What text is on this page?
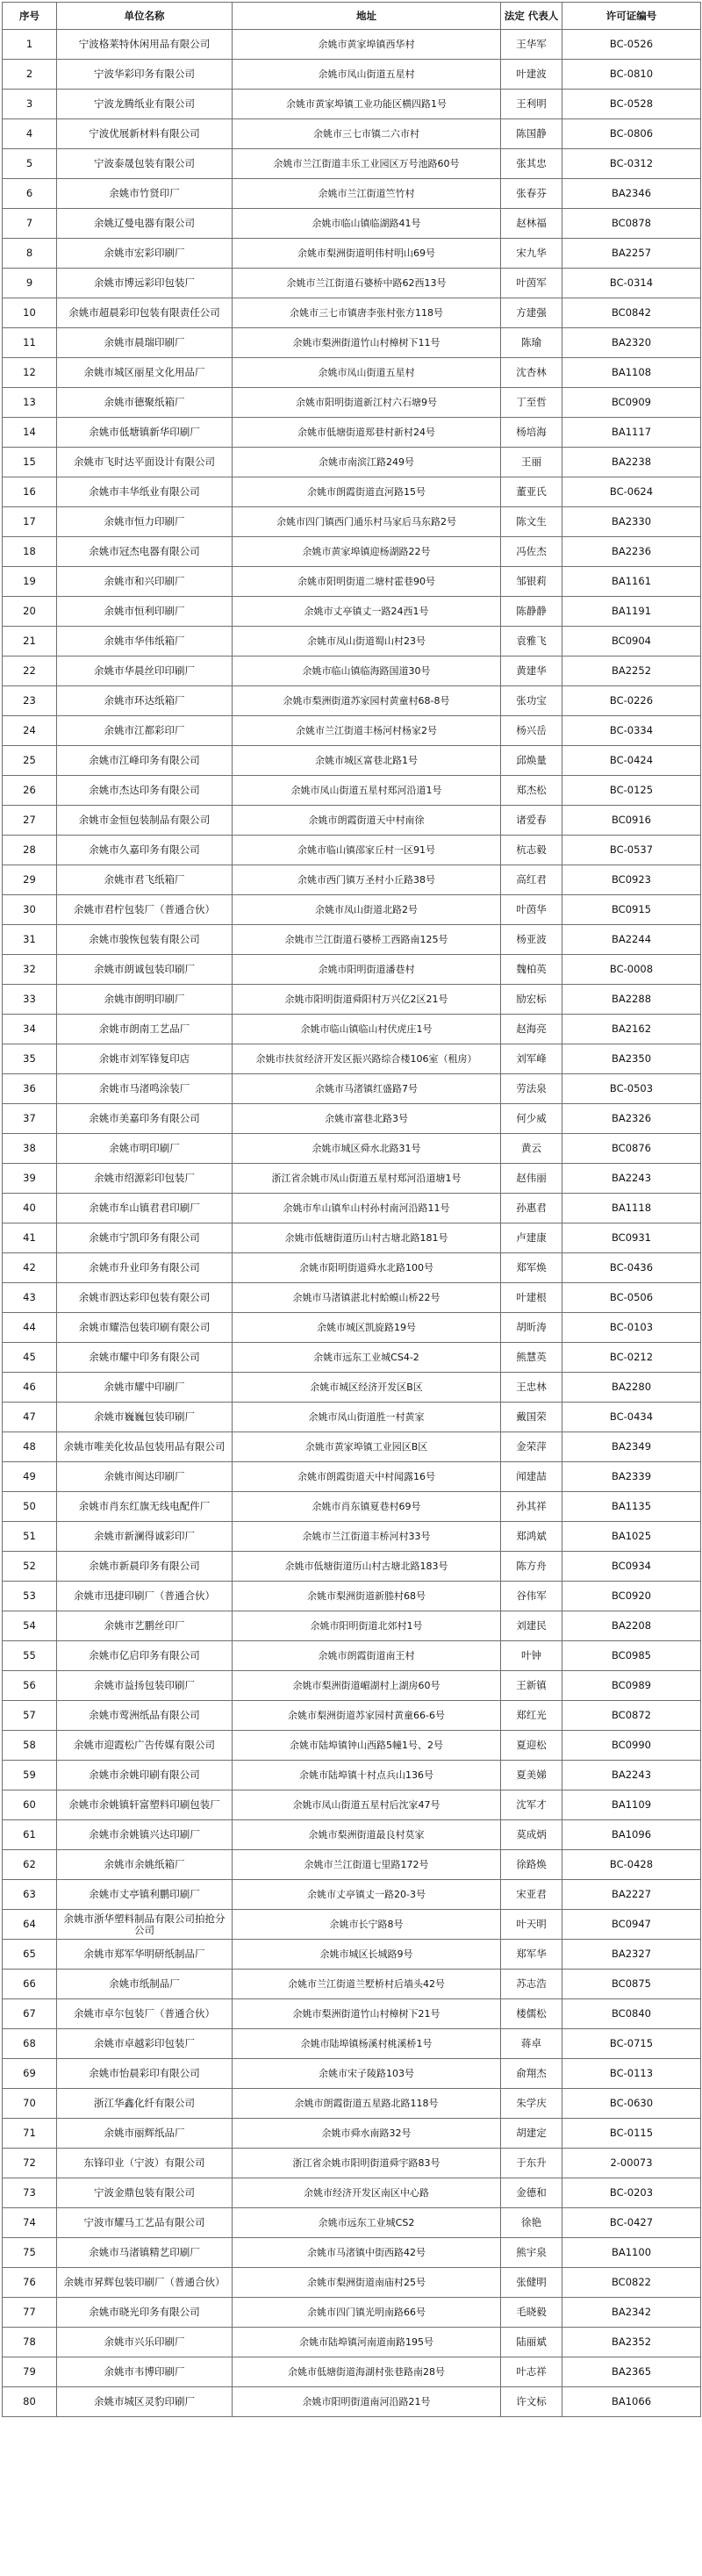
序号	单位名称	地址	法定 代表人	许可证编号
1	宁波格莱特休闲用品有限公司	余姚市黄家埠镇西华村	王华军	BC-0526
2	宁波华彩印务有限公司	余姚市凤山街道五星村	叶建波	BC-0810
3	宁波龙腾纸业有限公司	余姚市黄家埠镇工业功能区横四路1号	王利明	BC-0528
4	宁波优展新材料有限公司	余姚市三七市镇二六市村	陈国静	BC-0806
5	宁波泰晟包装有限公司	余姚市兰江街道丰乐工业园区万号池路60号	张其忠	BC-0312
6	余姚市竹贤印厂	余姚市兰江街道竺竹村	张春芬	BA2346
7	余姚辽曼电器有限公司	余姚市临山镇临湖路41号	赵林福	BC0878
8	余姚市宏彩印刷厂	余姚市梨洲街道明伟村明山69号	宋九华	BA2257
9	余姚市博远彩印包装厂	余姚市兰江街道石婆桥中路62西13号	叶茵军	BC-0314
10	余姚市超晨彩印包装有限责任公司	余姚市三七市镇唐李张村张方118号	方建强	BC0842
11	余姚市晨瑞印刷厂	余姚市梨洲街道竹山村樟树下11号	陈瑜	BA2320
12	余姚市城区丽星文化用品厂	余姚市凤山街道五星村	沈杏林	BA1108
13	余姚市德聚纸箱厂	余姚市阳明街道新江村六石塘9号	丁至哲	BC0909
14	余姚市低塘镇新华印刷厂	余姚市低塘街道郑巷村新村24号	杨培海	BA1117
15	余姚市飞时达平面设计有限公司	余姚市南滨江路249号	王丽	BA2238
16	余姚市丰华纸业有限公司	余姚市朗霞街道直河路15号	董亚氏	BC-0624
17	余姚市恒力印刷厂	余姚市四门镇西门通乐村马家后马东路2号	陈文生	BA2330
18	余姚市冠杰电器有限公司	余姚市黄家埠镇迎杨湖路22号	冯佐杰	BA2236
19	余姚市和兴印刷厂	余姚市阳明街道二塘村霍巷90号	邹银莉	BA1161
20	余姚市恒利印刷厂	余姚市丈亭镇丈一路24西1号	陈静静	BA1191
21	余姚市华伟纸箱厂	余姚市凤山街道蜀山村23号	袁雅飞	BC0904
22	余姚市华晨丝印印刷厂	余姚市临山镇临海路国道30号	黄建华	BA2252
23	余姚市环达纸箱厂	余姚市梨洲街道苏家园村黄童村68-8号	张功宝	BC-0226
24	余姚市江都彩印厂	余姚市兰江街道丰杨河村杨家2号	杨兴岳	BC-0334
25	余姚市江峰印务有限公司	余姚市城区富巷北路1号	邱焕量	BC-0424
26	余姚市杰达印务有限公司	余姚市凤山街道五星村郑河沿道1号	郑杰松	BC-0125
27	余姚市金恒包装制品有限公司	余姚市朗霞街道天中村南徐	诸爱春	BC0916
28	余姚市久嘉印务有限公司	余姚市临山镇邵家丘村一区91号	杭志毅	BC-0537
29	余姚市君飞纸箱厂	余姚市西门镇万圣村小丘路38号	高红君	BC0923
30	余姚市君柠包装厂（普通合伙）	余姚市凤山街道北路2号	叶茵华	BC0915
31	余姚市骏恢包装有限公司	余姚市兰江街道石婆桥工西路南125号	杨亚波	BA2244
32	余姚市朗诚包装印刷厂	余姚市阳明街道潘巷村	魏柏英	BC-0008
33	余姚市朗明印刷厂	余姚市阳明街道舜阳村万兴亿2区21号	励宏标	BA2288
34	余姚市朗南工艺品厂	余姚市临山镇临山村伏虎庄1号	赵海亮	BA2162
35	余姚市刘军锋复印店	余姚市扶贫经济开发区振兴路综合楼106室（租房）	刘军峰	BA2350
36	余姚市马渚鸣涂装厂	余姚市马渚镇红盛路7号	劳法泉	BC-0503
37	余姚市美嘉印务有限公司	余姚市富巷北路3号	何少威	BA2326
38	余姚市明印刷厂	余姚市城区舜水北路31号	黄云	BC0876
39	余姚市绍源彩印包装厂	浙江省余姚市凤山街道五星村郑河沿道塘1号	赵伟丽	BA2243
40	余姚市牟山镇君君印刷厂	余姚市牟山镇牟山村孙村南河沿路11号	孙惠君	BA1118
41	余姚市宁凯印务有限公司	余姚市低塘街道历山村古塘北路181号	卢建康	BC0931
42	余姚市升业印务有限公司	余姚市阳明街道舜水北路100号	郑军焕	BC-0436
43	余姚市泗达彩印包装有限公司	余姚市马渚镇湛北村蛤蟆山桥22号	叶建根	BC-0506
44	余姚市耀浩包装印刷有限公司	余姚市城区凯旋路19号	胡昕涛	BC-0103
45	余姚市耀中印务有限公司	余姚市远东工业城CS4-2	熊慧英	BC-0212
46	余姚市耀中印刷厂	余姚市城区经济开发区B区	王忠林	BA2280
47	余姚市巍巍包装印刷厂	余姚市凤山街道胜一村黄家	戴国荣	BC-0434
48	余姚市唯美化妆品包装用品有限公司	余姚市黄家埠镇工业园区B区	金荣萍	BA2349
49	余姚市闽达印刷厂	余姚市朗霞街道天中村闻露16号	闻建喆	BA2339
50	余姚市肖东红旗无线电配件厂	余姚市肖东镇夏巷村69号	孙其祥	BA1135
51	余姚市新澜得诚彩印厂	余姚市兰江街道丰桥河村33号	郑鸿斌	BA1025
52	余姚市新晨印务有限公司	余姚市低塘街道历山村古塘北路183号	陈方舟	BC0934
53	余姚市迅捷印刷厂（普通合伙）	余姚市梨洲街道新塍村68号	谷伟军	BC0920
54	余姚市艺鹏丝印厂	余姚市阳明街道北郊村1号	刘建民	BA2208
55	余姚市亿启印务有限公司	余姚市朗霞街道南王村	叶钟	BC0985
56	余姚市益扬包装印刷厂	余姚市梨洲街道嵋湖村上湖房60号	王新镇	BC0989
57	余姚市莺洲纸品有限公司	余姚市梨洲街道苏家园村黄童66-6号	郑红光	BC0872
58	余姚市迎霞松广告传媒有限公司	余姚市陆埠镇钟山西路5幢1号、2号	夏迎松	BC0990
59	余姚市余姚印刷有限公司	余姚市陆埠镇十村点兵山136号	夏美娣	BA2243
60	余姚市余姚镇轩富塑料印刷包装厂	余姚市凤山街道五星村后沈家47号	沈军才	BA1109
61	余姚市余姚镇兴达印刷厂	余姚市梨洲街道最良村莫家	莫成炳	BA1096
62	余姚市余姚纸箱厂	余姚市兰江街道七里路172号	徐路焕	BC-0428
63	余姚市丈亭镇利鹏印刷厂	余姚市丈亭镇丈一路20-3号	宋亚君	BA2227
64	余姚市浙华塑料制品有限公司拍抢分公司	余姚市长宁路8号	叶天明	BC0947
65	余姚市郑军华明研纸制品厂	余姚市城区长城路9号	郑军华	BA2327
66	余姚市纸制品厂	余姚市兰江街道兰墅桥村后墙头42号	苏志浩	BC0875
67	余姚市卓尔包装厂（普通合伙）	余姚市梨洲街道竹山村樟树下21号	楼儒松	BC0840
68	余姚市卓越彩印包装厂	余姚市陆埠镇杨溪村桃溪桥1号	蒋卓	BC-0715
69	余姚市怡晨彩印有限公司	余姚市宋子陵路103号	俞翔杰	BC-0113
70	浙江华鑫化纤有限公司	余姚市朗霞街道五星路北路118号	朱学庆	BC-0630
71	余姚市丽辉纸品厂	余姚市舜水南路32号	胡建定	BC-0115
72	东锋印业（宁波）有限公司	浙江省余姚市阳明街道舜宇路83号	于东升	2-00073
73	宁波金鼎包装有限公司	余姚市经济开发区南区中心路	金德和	BC-0203
74	宁波市耀马工艺品有限公司	余姚市远东工业城CS2	徐艳	BC-0427
75	余姚市马渚镇精艺印刷厂	余姚市马渚镇中街西路42号	熊宇泉	BA1100
76	余姚市昇辉包装印刷厂（普通合伙）	余姚市梨洲街道南庙村25号	张健明	BC0822
77	余姚市晓光印务有限公司	余姚市四门镇光明南路66号	毛晓毅	BA2342
78	余姚市兴乐印刷厂	余姚市陆埠镇河南道南路195号	陆丽斌	BA2352
79	余姚市韦博印刷厂	余姚市低塘街道海湖村张巷路南28号	叶志祥	BA2365
80	余姚市城区灵豹印刷厂	余姚市阳明街道南河沿路21号	许文标	BA1066
